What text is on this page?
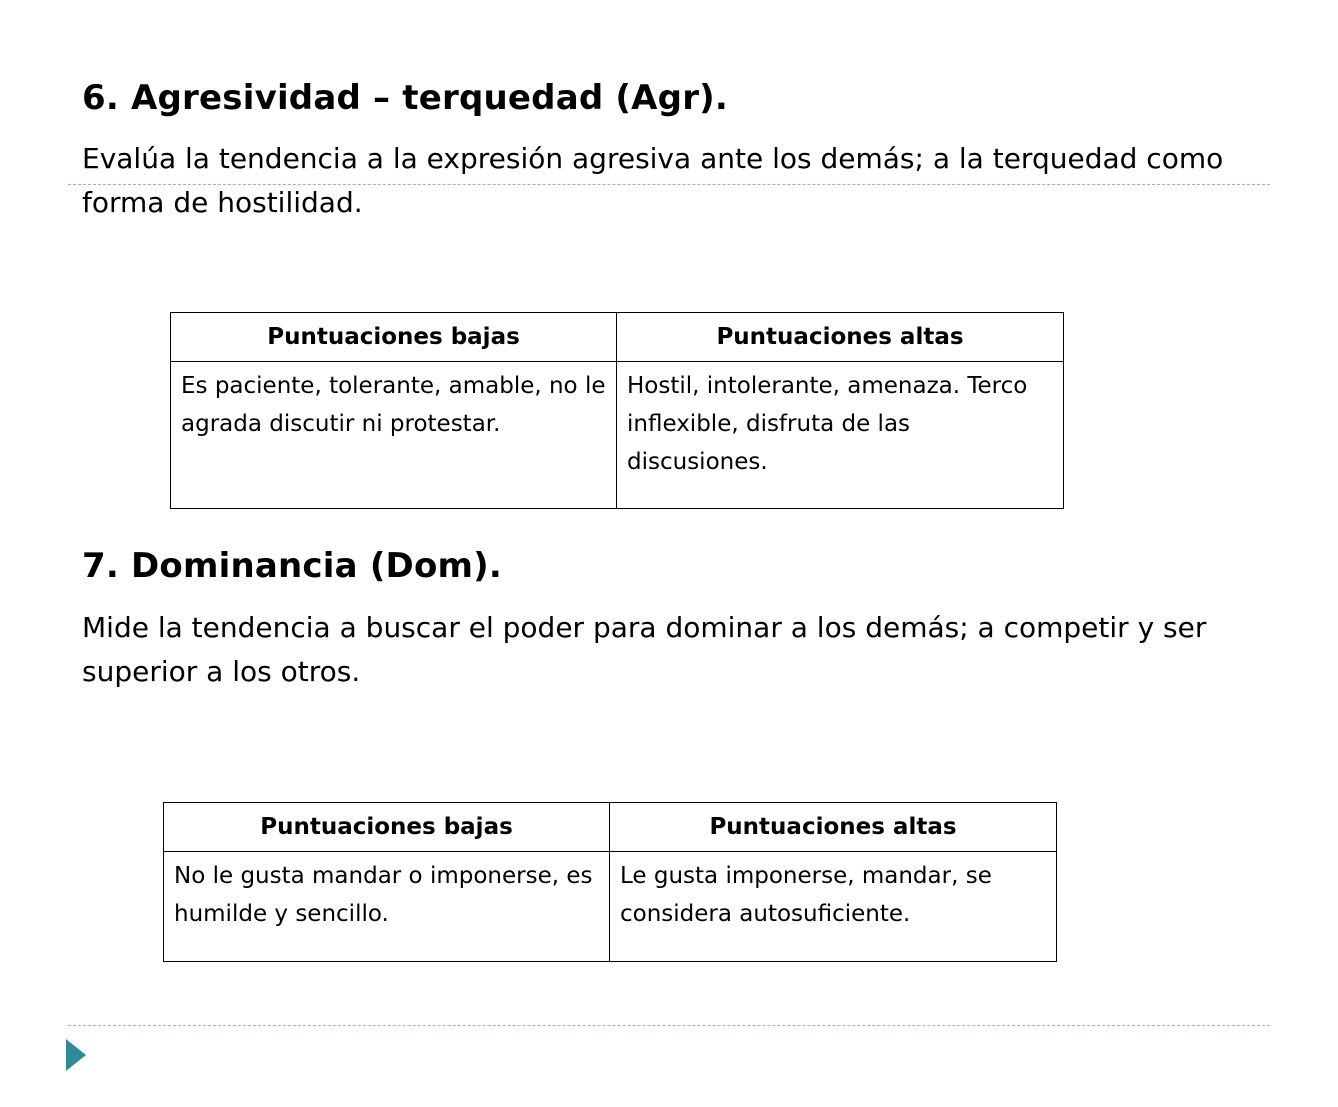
6. Agresividad – terquedad (Agr).

Evalúa la tendencia a la expresión agresiva ante los demás; a la terquedad como forma de hostilidad.

Puntuaciones bajas	Puntuaciones altas
Es paciente, tolerante, amable, no le agrada discutir ni protestar.	Hostil, intolerante, amenaza. Terco inflexible, disfruta de las discusiones.
7. Dominancia (Dom).

Mide la tendencia a buscar el poder para dominar a los demás; a competir y ser superior a los otros.

Puntuaciones bajas	Puntuaciones altas
No le gusta mandar o imponerse, es humilde y sencillo.	Le gusta imponerse, mandar, se considera autosuficiente.
